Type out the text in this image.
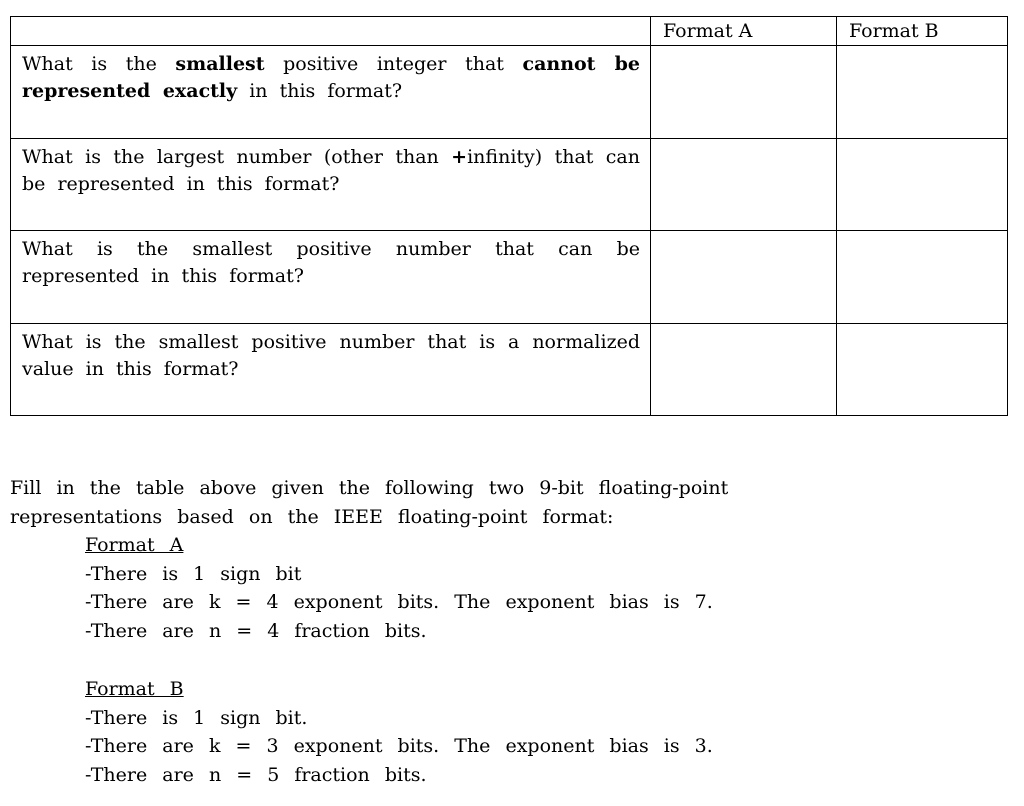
	Format A	Format B

What is the smallest positive integer that cannot be represented exactly in this format?		

What is the largest number (other than +infinity) that can be represented in this format?		

What is the smallest positive number that can be represented in this format?		

What is the smallest positive number that is a normalized value in this format?		

Fill in the table above given the following two 9-bit floating-point representations based on the IEEE floating-point format:

Format A
-There is 1 sign bit
-There are k = 4 exponent bits. The exponent bias is 7.
-There are n = 4 fraction bits.
Format B
-There is 1 sign bit.
-There are k = 3 exponent bits. The exponent bias is 3.
-There are n = 5 fraction bits.
